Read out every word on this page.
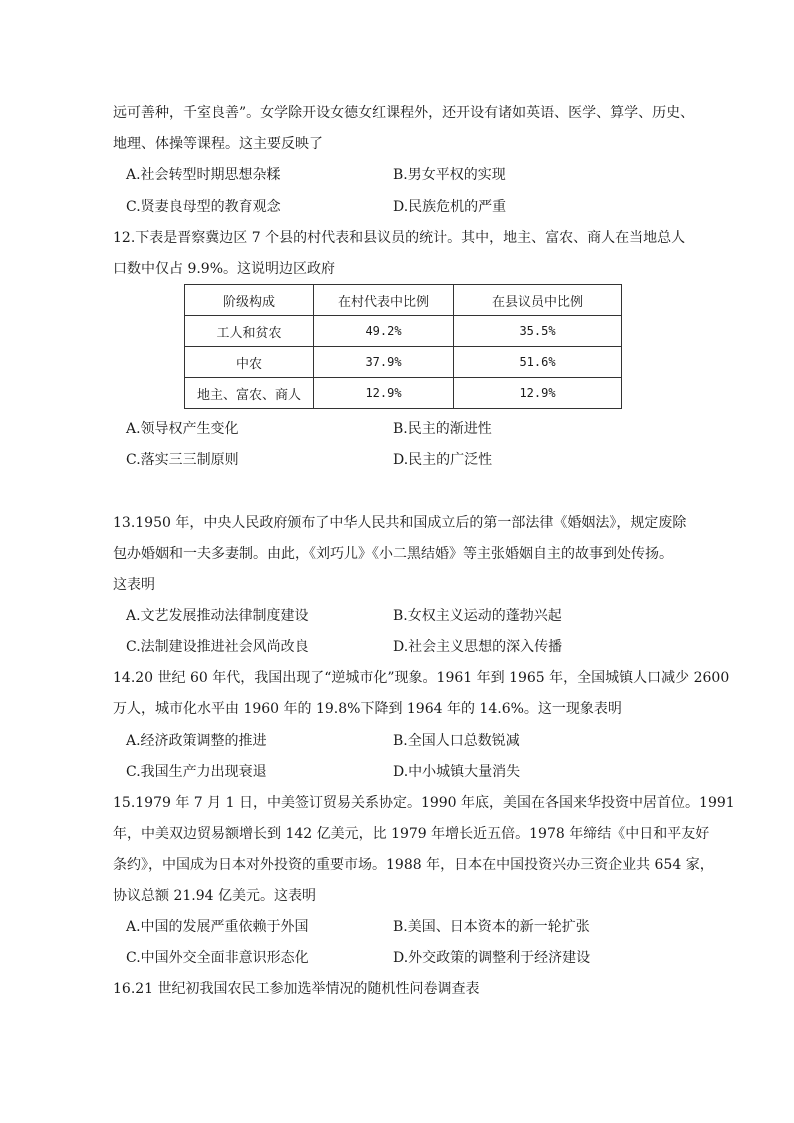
远可善种，千室良善”。女学除开设女德女红课程外，还开设有诸如英语、医学、算学、历史、
地理、体操等课程。这主要反映了
A.社会转型时期思想杂糅	B.男女平权的实现
C.贤妻良母型的教育观念	D.民族危机的严重
12.下表是晋察冀边区 7 个县的村代表和县议员的统计。其中，地主、富农、商人在当地总人
口数中仅占 9.9%。这说明边区政府
阶级构成	在村代表中比例	在县议员中比例
工人和贫农	49.2%	35.5%
中农	37.9%	51.6%
地主、富农、商人	12.9%	12.9%
A.领导权产生变化	B.民主的渐进性
C.落实三三制原则	D.民主的广泛性
13.1950 年，中央人民政府颁布了中华人民共和国成立后的第一部法律《婚姻法》，规定废除
包办婚姻和一夫多妻制。由此，《刘巧儿》《小二黑结婚》等主张婚姻自主的故事到处传扬。
这表明
A.文艺发展推动法律制度建设	B.女权主义运动的蓬勃兴起
C.法制建设推进社会风尚改良	D.社会主义思想的深入传播
14.20 世纪 60 年代，我国出现了“逆城市化”现象。1961 年到 1965 年，全国城镇人口减少 2600
万人，城市化水平由 1960 年的 19.8%下降到 1964 年的 14.6%。这一现象表明
A.经济政策调整的推进	B.全国人口总数锐减
C.我国生产力出现衰退	D.中小城镇大量消失
15.1979 年 7 月 1 日，中美签订贸易关系协定。1990 年底，美国在各国来华投资中居首位。1991
年，中美双边贸易额增长到 142 亿美元，比 1979 年增长近五倍。1978 年缔结《中日和平友好
条约》，中国成为日本对外投资的重要市场。1988 年，日本在中国投资兴办三资企业共 654 家，
协议总额 21.94 亿美元。这表明
A.中国的发展严重依赖于外国	B.美国、日本资本的新一轮扩张
C.中国外交全面非意识形态化	D.外交政策的调整利于经济建设
16.21 世纪初我国农民工参加选举情况的随机性问卷调查表
